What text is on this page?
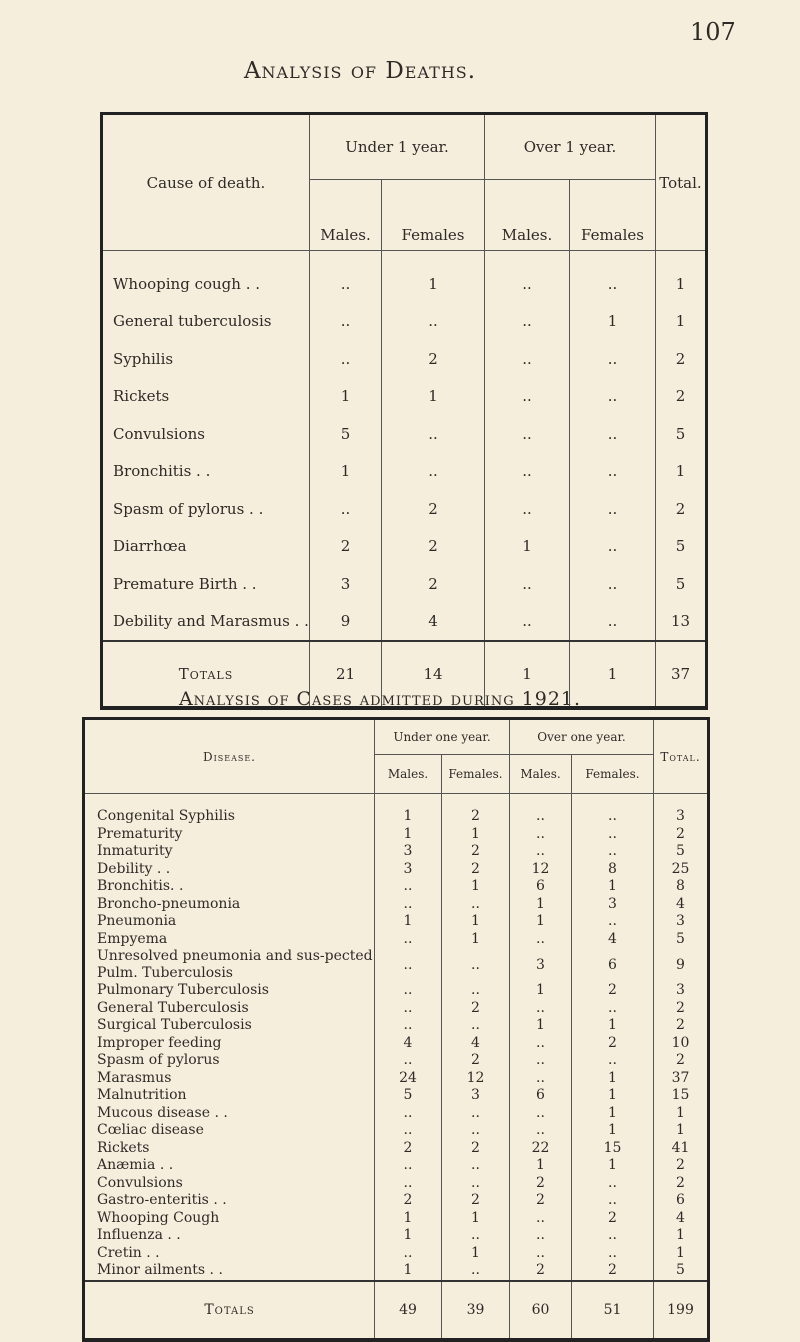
107
Analysis of Deaths.
Analysis of Cases admitted during 1921.
Cause of death.	Under 1 year.		Over 1 year.		Total.
	Males.	Females	Males.	Females	
Whooping cough . .	..	1	..	..	1
General tuberculosis	..	..	..	1	1
Syphilis	..	2	..	..	2
Rickets	1	1	..	..	2
Convulsions	5	..	..	..	5
Bronchitis . .	1	..	..	..	1
Spasm of pylorus . .	..	2	..	..	2
Diarrhœa	2	2	1	..	5
Premature Birth . .	3	2	..	..	5
Debility and Marasmus . .	9	4	..	..	13
Totals	21	14	1	1	37
Disease.	Under one year.		Over one year.		Total.
	Males.	Females.	Males.	Females.	
Congenital Syphilis	1	2	..	..	3
Prematurity	1	1	..	..	2
Inmaturity	3	2	..	..	5
Debility . .	3	2	12	8	25
Bronchitis. .	..	1	6	1	8
Broncho-pneumonia	..	..	1	3	4
Pneumonia	1	1	1	..	3
Empyema	..	1	..	4	5
Unresolved pneumonia and sus-pected Pulm. Tuberculosis	..	..	3	6	9
Pulmonary Tuberculosis	..	..	1	2	3
General Tuberculosis	..	2	..	..	2
Surgical Tuberculosis	..	..	1	1	2
Improper feeding	4	4	..	2	10
Spasm of pylorus	..	2	..	..	2
Marasmus	24	12	..	1	37
Malnutrition	5	3	6	1	15
Mucous disease . .	..	..	..	1	1
Cœliac disease	..	..	..	1	1
Rickets	2	2	22	15	41
Anæmia . .	..	..	1	1	2
Convulsions	..	..	2	..	2
Gastro-enteritis . .	2	2	2	..	6
Whooping Cough	1	1	..	2	4
Influenza . .	1	..	..	..	1
Cretin . .	..	1	..	..	1
Minor ailments . .	1	..	2	2	5
Totals	49	39	60	51	199
